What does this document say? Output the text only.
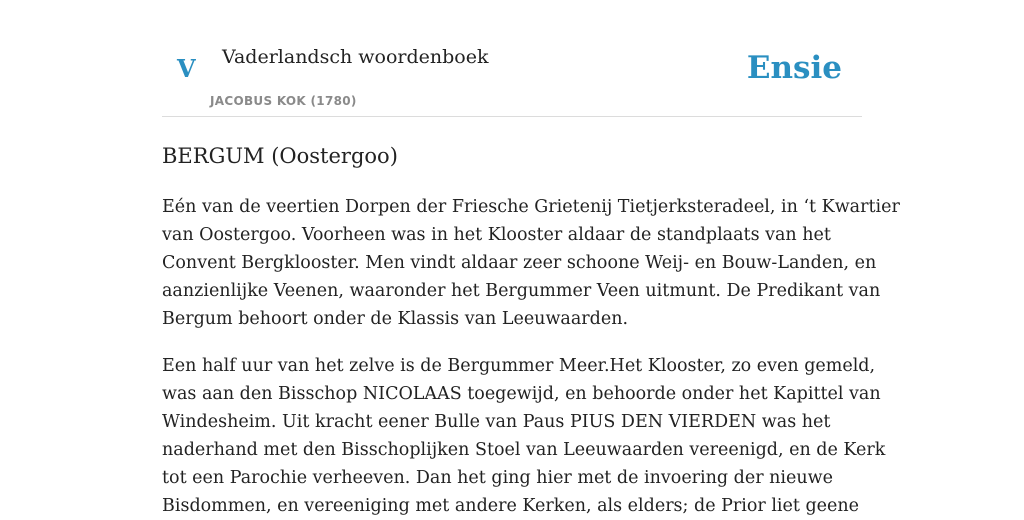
V Vaderlandsch woordenboek
JACOBUS KOK (1780)
Ensie
BERGUM (Oostergoo)

Eén van de veertien Dorpen der Friesche Grietenij Tietjerksteradeel, in ‘t Kwartier
van Oostergoo. Voorheen was in het Klooster aldaar de standplaats van het
Convent Bergklooster. Men vindt aldaar zeer schoone Weij- en Bouw-Landen, en
aanzienlijke Veenen, waaronder het Bergummer Veen uitmunt. De Predikant van
Bergum behoort onder de Klassis van Leeuwaarden.

Een half uur van het zelve is de Bergummer Meer.Het Klooster, zo even gemeld,
was aan den Bisschop NICOLAAS toegewijd, en behoorde onder het Kapittel van
Windesheim. Uit kracht eener Bulle van Paus PIUS DEN VIERDEN was het
naderhand met den Bisschoplijken Stoel van Leeuwaarden vereenigd, en de Kerk
tot een Parochie verheeven. Dan het ging hier met de invoering der nieuwe
Bisdommen, en vereeniging met andere Kerken, als elders; de Prior liet geene
